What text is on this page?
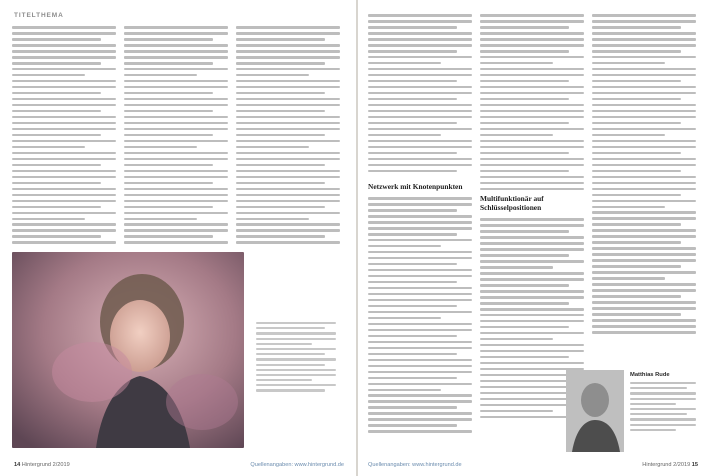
TITELTHEMA
14 Hintergrund 2/2019	Quellenangaben: www.hintergrund.de
Multifunktionär auf Schlüsselpositionen
Netzwerk mit Knotenpunkten
Matthias Rude
Quellenangaben: www.hintergrund.de	Hintergrund 2/2019 15
